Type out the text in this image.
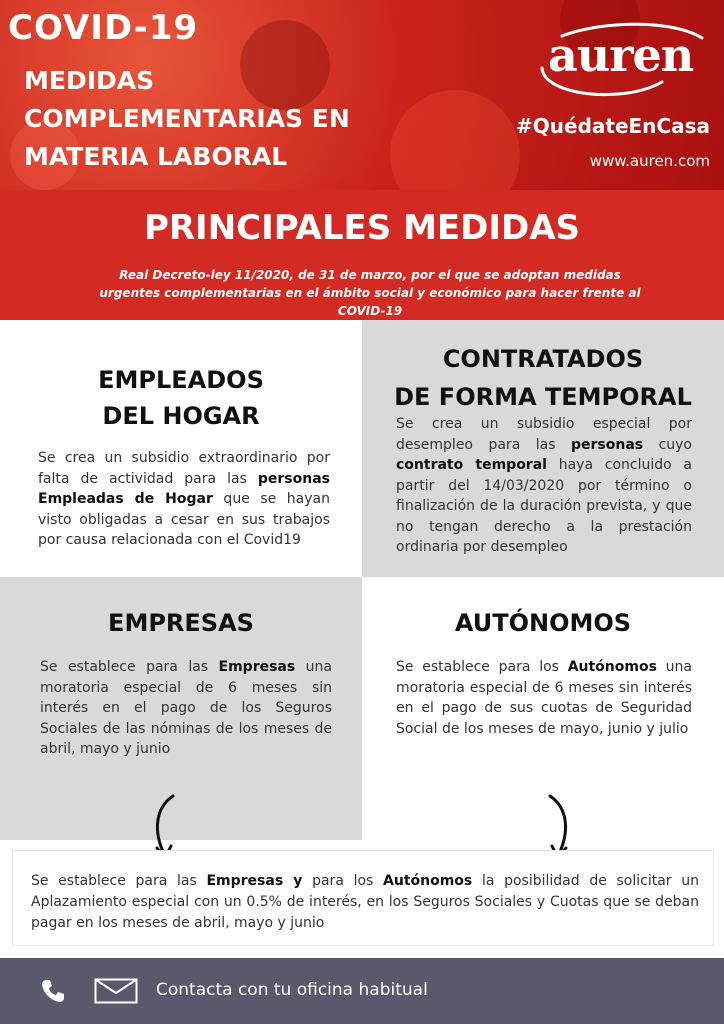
COVID-19
MEDIDAS
COMPLEMENTARIAS EN
MATERIA LABORAL
auren
#QuédateEnCasa
www.auren.com
PRINCIPALES MEDIDAS
Real Decreto-ley 11/2020, de 31 de marzo, por el que se adoptan medidas urgentes complementarias en el ámbito social y económico para hacer frente al COVID-19
EMPLEADOS
DEL HOGAR
Se crea un subsidio extraordinario por falta de actividad para las personas Empleadas de Hogar que se hayan visto obligadas a cesar en sus trabajos por causa relacionada con el Covid19
CONTRATADOS
DE FORMA TEMPORAL
Se crea un subsidio especial por desempleo para las personas cuyo contrato temporal haya concluido a partir del 14/03/2020 por término o finalización de la duración prevista, y que no tengan derecho a la prestación ordinaria por desempleo
EMPRESAS
Se establece para las Empresas una moratoria especial de 6 meses sin interés en el pago de los Seguros Sociales de las nóminas de los meses de abril, mayo y junio
AUTÓNOMOS
Se establece para los Autónomos una moratoria especial de 6 meses sin interés en el pago de sus cuotas de Seguridad Social de los meses de mayo, junio y julio
Se establece para las Empresas y para los Autónomos la posibilidad de solicitar un Aplazamiento especial con un 0.5% de interés, en los Seguros Sociales y Cuotas que se deban pagar en los meses de abril, mayo y junio
Contacta con tu oficina habitual
